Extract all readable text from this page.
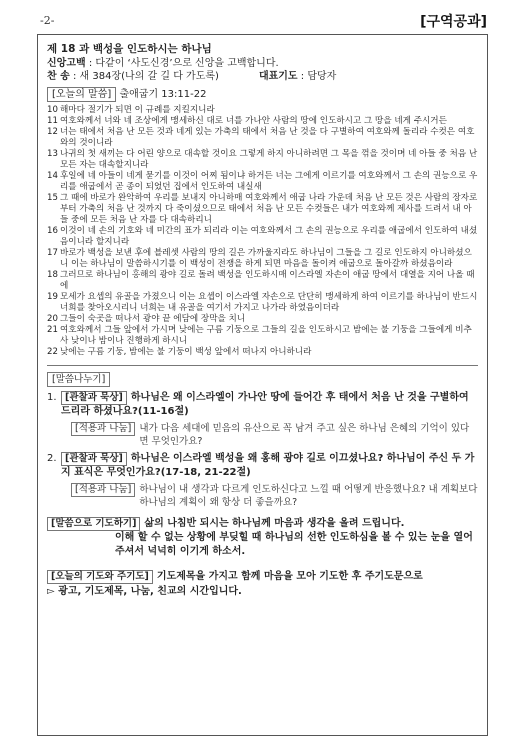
-2-	[구역공과]

제 18 과 백성을 인도하시는 하나님

신앙고백 : 다같이 ‘사도신경’으로 신앙을 고백합니다.

찬 송 : 새 384장(나의 갈 길 다 가도록)	대표기도 : 담당자

[오늘의 말씀] 출애굽기 13:11-22

10 해마다 절기가 되면 이 규례를 지킬지니라
11 여호와께서 너와 네 조상에게 맹세하신 대로 너를 가나안 사람의 땅에 인도하시고 그 땅을 네게 주시거든
12 너는 태에서 처음 난 모든 것과 네게 있는 가축의 태에서 처음 난 것을 다 구별하여 여호와께 돌리라 수컷은 여호와의 것이니라
13 나귀의 첫 새끼는 다 어린 양으로 대속할 것이요 그렇게 하지 아니하려면 그 목을 꺾을 것이며 네 아들 중 처음 난 모든 자는 대속할지니라
14 후일에 네 아들이 네게 묻기를 이것이 어찌 됨이냐 하거든 너는 그에게 이르기를 여호와께서 그 손의 권능으로 우리를 애굽에서 곧 종이 되었던 집에서 인도하여 내실새
15 그 때에 바로가 완악하여 우리를 보내지 아니하매 여호와께서 애굽 나라 가운데 처음 난 모든 것은 사람의 장자로부터 가축의 처음 난 것까지 다 죽이셨으므로 태에서 처음 난 모든 수컷들은 내가 여호와께 제사를 드려서 내 아들 중에 모든 처음 난 자를 다 대속하리니
16 이것이 네 손의 기호와 네 미간의 표가 되리라 이는 여호와께서 그 손의 권능으로 우리를 애굽에서 인도하여 내셨음이니라 할지니라
17 바로가 백성을 보낸 후에 블레셋 사람의 땅의 길은 가까울지라도 하나님이 그들을 그 길로 인도하지 아니하셨으니 이는 하나님이 말씀하시기를 이 백성이 전쟁을 하게 되면 마음을 돌이켜 애굽으로 돌아갈까 하셨음이라
18 그러므로 하나님이 홍해의 광야 길로 돌려 백성을 인도하시매 이스라엘 자손이 애굽 땅에서 대열을 지어 나올 때에
19 모세가 요셉의 유골을 가졌으니 이는 요셉이 이스라엘 자손으로 단단히 맹세하게 하여 이르기를 하나님이 반드시 너희를 찾아오시리니 너희는 내 유골을 여기서 가지고 나가라 하였음이더라
20 그들이 숙곳을 떠나서 광야 끝 에담에 장막을 치니
21 여호와께서 그들 앞에서 가시며 낮에는 구름 기둥으로 그들의 길을 인도하시고 밤에는 불 기둥을 그들에게 비추사 낮이나 밤이나 진행하게 하시니
22 낮에는 구름 기둥, 밤에는 불 기둥이 백성 앞에서 떠나지 아니하니라
[말씀나누기]
1. [관찰과 묵상] 하나님은 왜 이스라엘이 가나안 땅에 들어간 후 태에서 처음 난 것을 구별하여 드리라 하셨나요?(11-16절)
[적용과 나눔] 내가 다음 세대에 믿음의 유산으로 꼭 남겨 주고 싶은 하나님 은혜의 기억이 있다면 무엇인가요?
2. [관찰과 묵상] 하나님은 이스라엘 백성을 왜 홍해 광야 길로 이끄셨나요? 하나님이 주신 두 가지 표식은 무엇인가요?(17-18, 21-22절)
[적용과 나눔] 하나님이 내 생각과 다르게 인도하신다고 느낄 때 어떻게 반응했나요? 내 계획보다 하나님의 계획이 왜 항상 더 좋을까요?
[말씀으로 기도하기] 삶의 나침반 되시는 하나님께 마음과 생각을 올려 드립니다.
이해 할 수 없는 상황에 부딪힐 때 하나님의 선한 인도하심을 볼 수 있는 눈을 열어 주셔서 넉넉히 이기게 하소서.
[오늘의 기도와 주기도] 기도제목을 가지고 함께 마음을 모아 기도한 후 주기도문으로
▻ 광고, 기도제목, 나눔, 친교의 시간입니다.
